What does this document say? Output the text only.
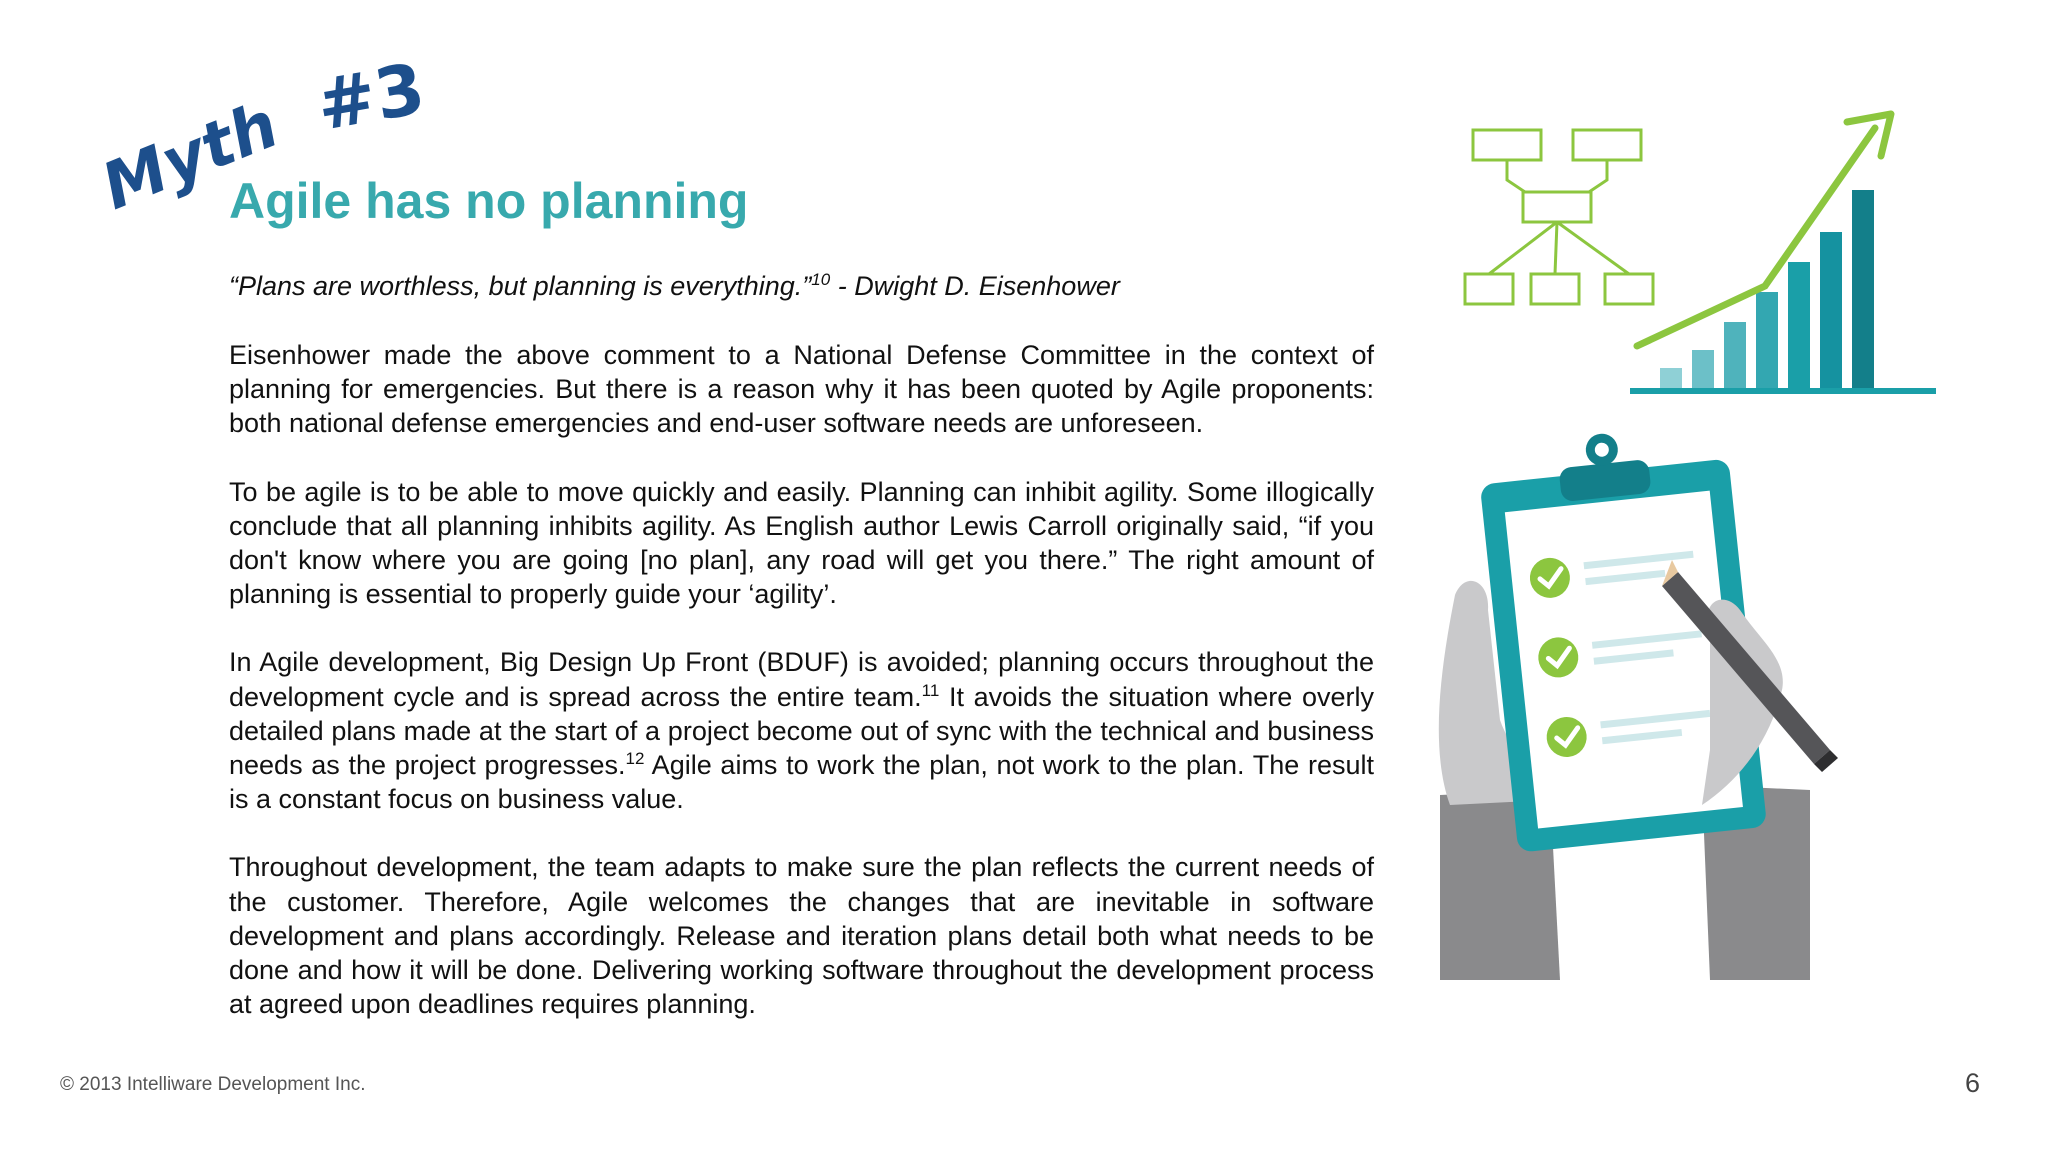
Myth #3
Agile has no planning
“Plans are worthless, but planning is everything.”$^{10}$ - Dwight D. Eisenhower

Eisenhower made the above comment to a National Defense Committee in the context of planning for emergencies. But there is a reason why it has been quoted by Agile proponents: both national defense emergencies and end-user software needs are unforeseen.

To be agile is to be able to move quickly and easily. Planning can inhibit agility. Some illogically conclude that all planning inhibits agility. As English author Lewis Carroll originally said, “if you don't know where you are going [no plan], any road will get you there.” The right amount of planning is essential to properly guide your ‘agility’.

In Agile development, Big Design Up Front (BDUF) is avoided; planning occurs throughout the development cycle and is spread across the entire team.$^{11}$ It avoids the situation where overly detailed plans made at the start of a project become out of sync with the technical and business needs as the project progresses.$^{12}$ Agile aims to work the plan, not work to the plan. The result is a constant focus on business value.

Throughout development, the team adapts to make sure the plan reflects the current needs of the customer. Therefore, Agile welcomes the changes that are inevitable in software development and plans accordingly. Release and iteration plans detail both what needs to be done and how it will be done. Delivering working software throughout the development process at agreed upon deadlines requires planning.

© 2013 Intelliware Development Inc.	6
